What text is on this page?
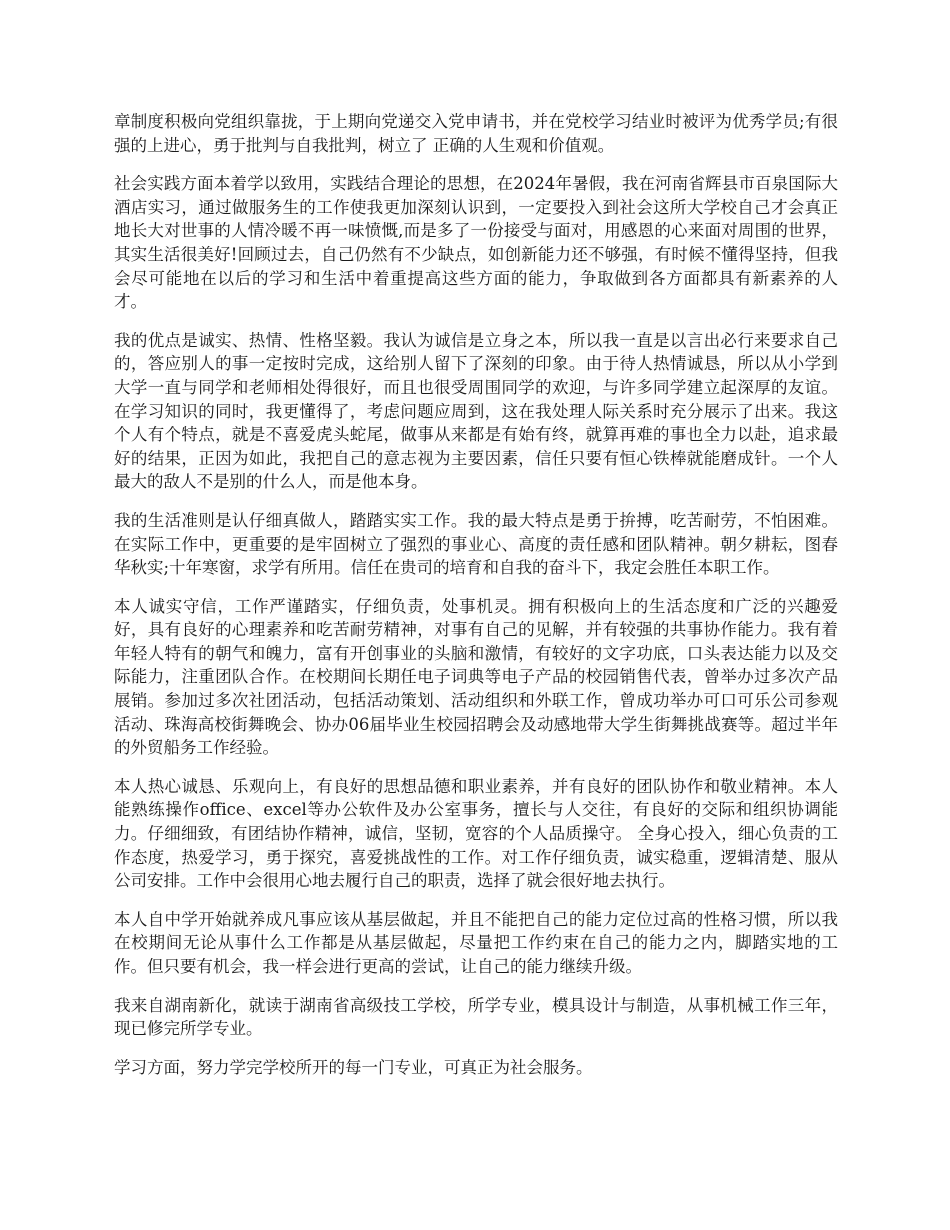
章制度积极向党组织靠拢，于上期向党递交入党申请书，并在党校学习结业时被评为优秀学员;有很强的上进心，勇于批判与自我批判，树立了 正确的人生观和价值观。

社会实践方面本着学以致用，实践结合理论的思想，在2024年暑假，我在河南省辉县市百泉国际大酒店实习，通过做服务生的工作使我更加深刻认识到，一定要投入到社会这所大学校自己才会真正地长大对世事的人情冷暖不再一味愤慨,而是多了一份接受与面对，用感恩的心来面对周围的世界，其实生活很美好!回顾过去，自己仍然有不少缺点，如创新能力还不够强，有时候不懂得坚持，但我会尽可能地在以后的学习和生活中着重提高这些方面的能力，争取做到各方面都具有新素养的人才。

我的优点是诚实、热情、性格坚毅。我认为诚信是立身之本，所以我一直是以言出必行来要求自己的，答应别人的事一定按时完成，这给别人留下了深刻的印象。由于待人热情诚恳，所以从小学到大学一直与同学和老师相处得很好，而且也很受周围同学的欢迎，与许多同学建立起深厚的友谊。在学习知识的同时，我更懂得了，考虑问题应周到，这在我处理人际关系时充分展示了出来。我这个人有个特点，就是不喜爱虎头蛇尾，做事从来都是有始有终，就算再难的事也全力以赴，追求最好的结果，正因为如此，我把自己的意志视为主要因素，信任只要有恒心铁棒就能磨成针。一个人最大的敌人不是别的什么人，而是他本身。

我的生活准则是认仔细真做人，踏踏实实工作。我的最大特点是勇于拚搏，吃苦耐劳，不怕困难。在实际工作中，更重要的是牢固树立了强烈的事业心、高度的责任感和团队精神。朝夕耕耘，图春华秋实;十年寒窗，求学有所用。信任在贵司的培育和自我的奋斗下，我定会胜任本职工作。

本人诚实守信，工作严谨踏实，仔细负责，处事机灵。拥有积极向上的生活态度和广泛的兴趣爱好，具有良好的心理素养和吃苦耐劳精神，对事有自己的见解，并有较强的共事协作能力。我有着年轻人特有的朝气和魄力，富有开创事业的头脑和激情，有较好的文字功底，口头表达能力以及交际能力，注重团队合作。在校期间长期任电子词典等电子产品的校园销售代表，曾举办过多次产品展销。参加过多次社团活动，包括活动策划、活动组织和外联工作，曾成功举办可口可乐公司参观活动、珠海高校街舞晚会、协办06届毕业生校园招聘会及动感地带大学生街舞挑战赛等。超过半年的外贸船务工作经验。

本人热心诚恳、乐观向上，有良好的思想品德和职业素养，并有良好的团队协作和敬业精神。本人能熟练操作office、excel等办公软件及办公室事务，擅长与人交往，有良好的交际和组织协调能力。仔细细致，有团结协作精神，诚信，坚韧，宽容的个人品质操守。 全身心投入，细心负责的工作态度，热爱学习，勇于探究，喜爱挑战性的工作。对工作仔细负责，诚实稳重，逻辑清楚、服从公司安排。工作中会很用心地去履行自己的职责，选择了就会很好地去执行。

本人自中学开始就养成凡事应该从基层做起，并且不能把自己的能力定位过高的性格习惯，所以我在校期间无论从事什么工作都是从基层做起，尽量把工作约束在自己的能力之内，脚踏实地的工作。但只要有机会，我一样会进行更高的尝试，让自己的能力继续升级。

我来自湖南新化，就读于湖南省高级技工学校，所学专业，模具设计与制造，从事机械工作三年，现已修完所学专业。

学习方面，努力学完学校所开的每一门专业，可真正为社会服务。
